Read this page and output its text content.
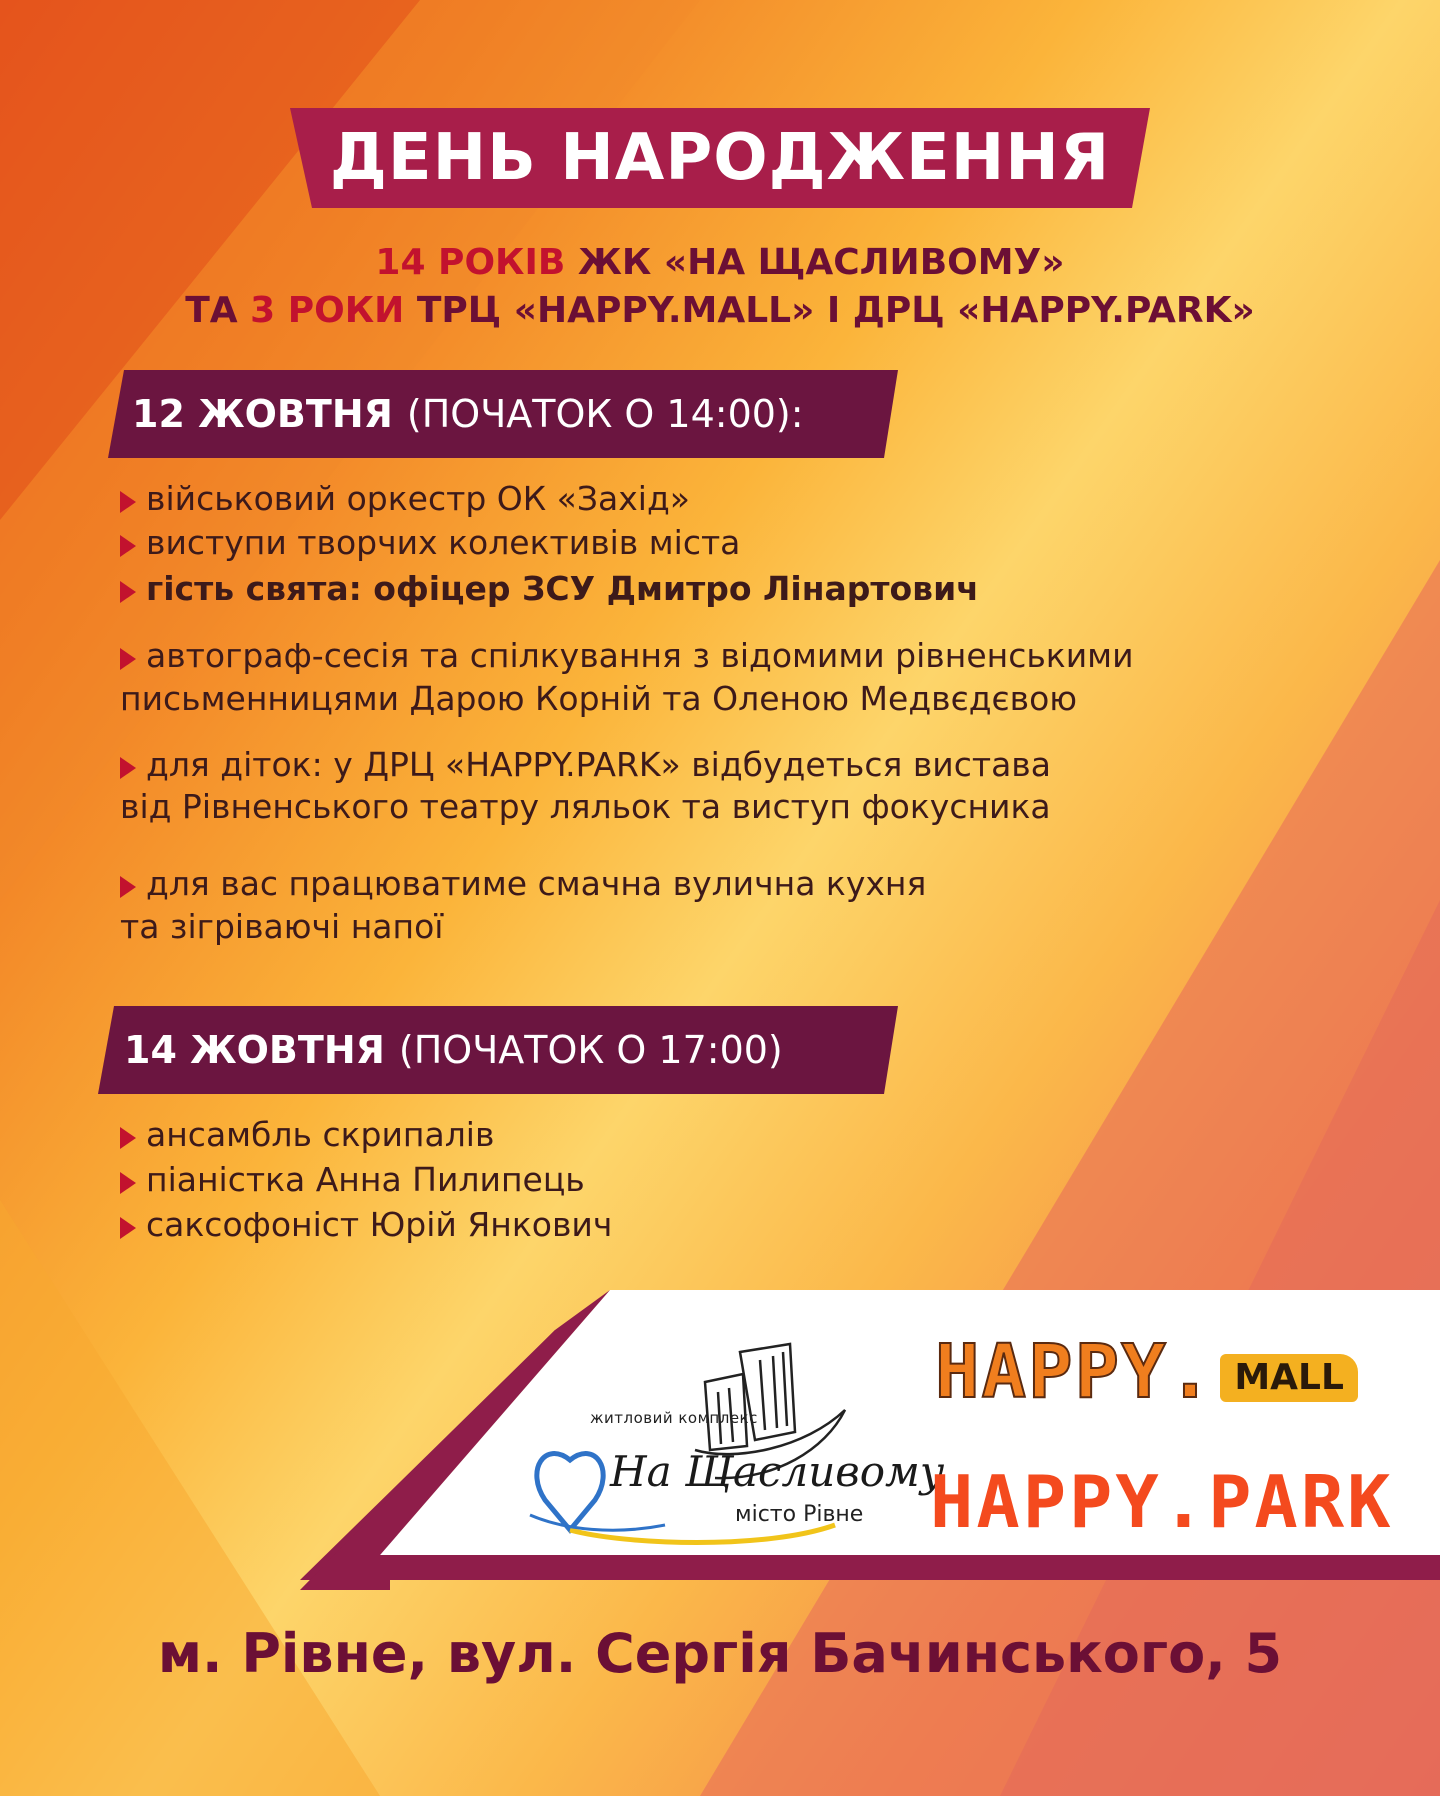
ДЕНЬ НАРОДЖЕННЯ
14 РОКІВ ЖК «НА ЩАСЛИВОМУ»
ТА 3 РОКИ ТРЦ «HAPPY.MALL» І ДРЦ «HAPPY.PARK»
12 ЖОВТНЯ (ПОЧАТОК О 14:00):
військовий оркестр ОК «Захід»
виступи творчих колективів міста
гість свята: офіцер ЗСУ Дмитро Лінартович
автограф-сесія та спілкування з відомими рівненськими
письменницями Дарою Корній та Оленою Медвєдєвою
для діток: у ДРЦ «HAPPY.PARK» відбудеться вистава
від Рівненського театру ляльок та виступ фокусника
для вас працюватиме смачна вулична кухня
та зігріваючі напої
14 ЖОВТНЯ (ПОЧАТОК О 17:00)
ансамбль скрипалів
піаністка Анна Пилипець
саксофоніст Юрій Янкович
житловий комплекс
На Щасливому
місто Рівне
HAPPY. MALL
HAPPY.PARK
м. Рівне, вул. Сергія Бачинського, 5
